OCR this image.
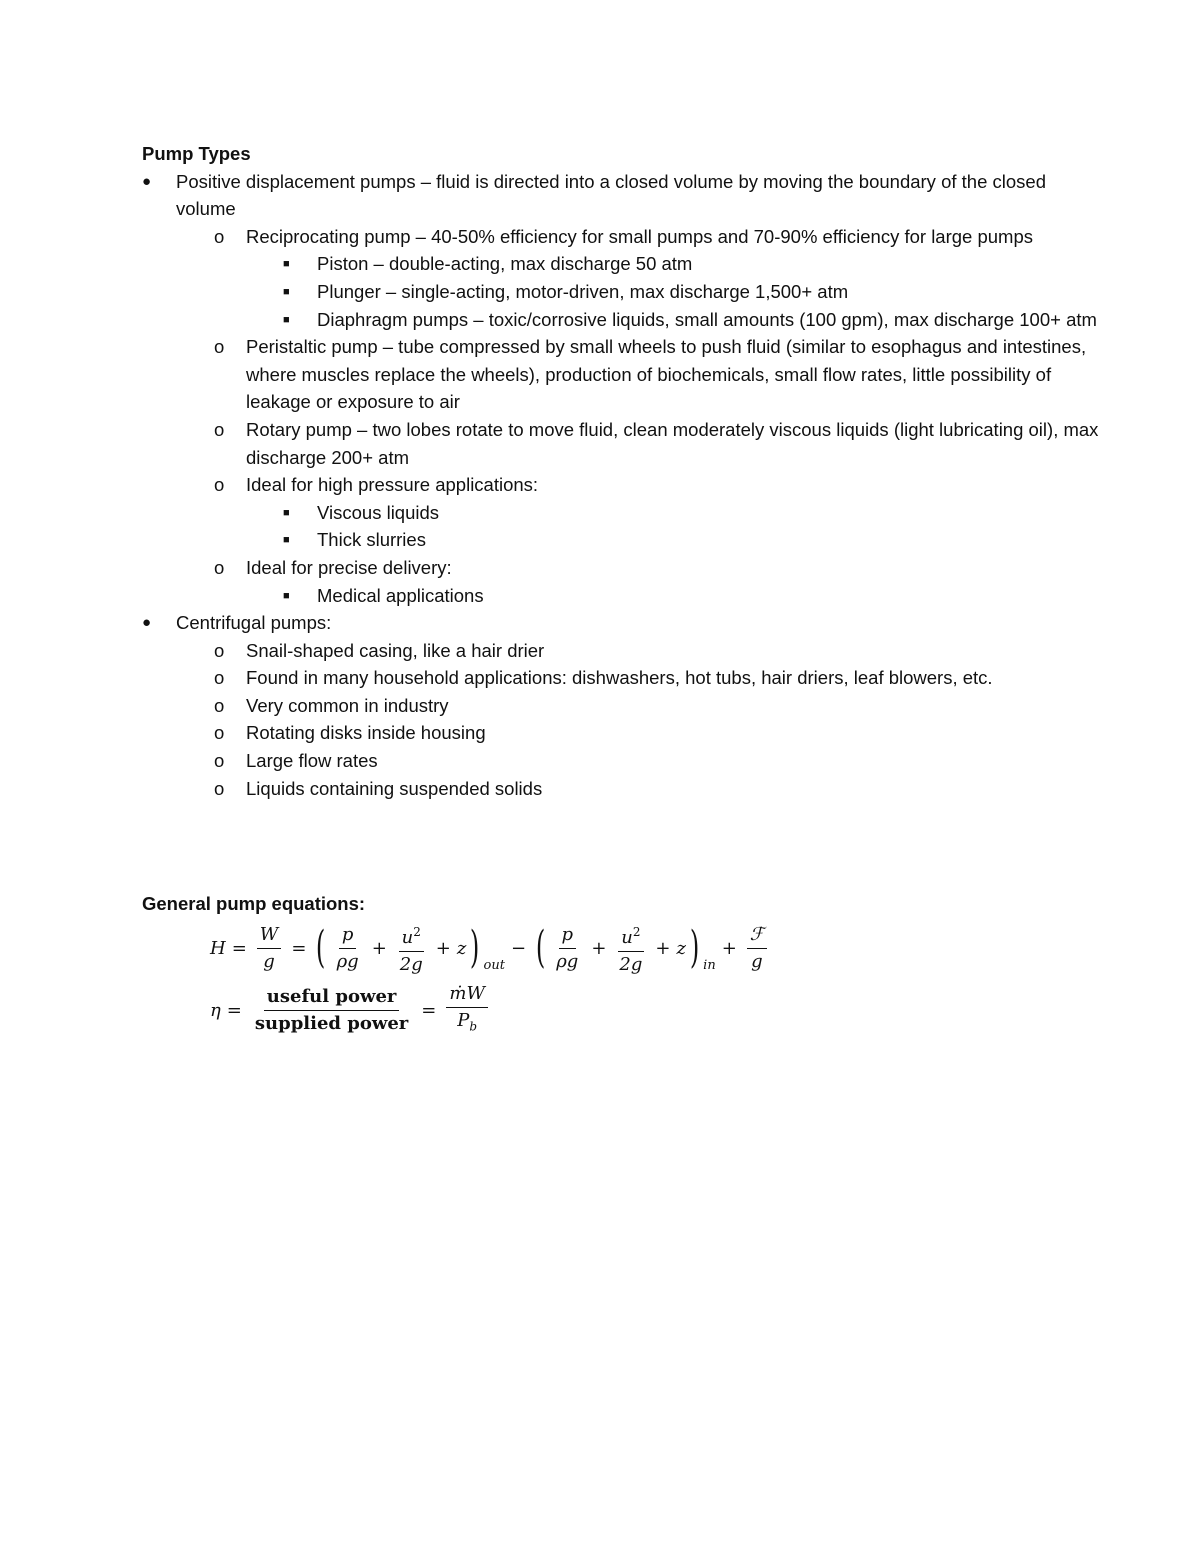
Pump Types
● Positive displacement pumps – fluid is directed into a closed volume by moving the boundary of the closed volume
o Reciprocating pump – 40-50% efficiency for small pumps and 70-90% efficiency for large pumps
■ Piston – double-acting, max discharge 50 atm
■ Plunger – single-acting, motor-driven, max discharge 1,500+ atm
■ Diaphragm pumps – toxic/corrosive liquids, small amounts (100 gpm), max discharge 100+ atm
o Peristaltic pump – tube compressed by small wheels to push fluid (similar to esophagus and intestines, where muscles replace the wheels), production of biochemicals, small flow rates, little possibility of leakage or exposure to air
o Rotary pump – two lobes rotate to move fluid, clean moderately viscous liquids (light lubricating oil), max discharge 200+ atm
o Ideal for high pressure applications:
■ Viscous liquids
■ Thick slurries
o Ideal for precise delivery:
■ Medical applications
● Centrifugal pumps:
o Snail-shaped casing, like a hair drier
o Found in many household applications: dishwashers, hot tubs, hair driers, leaf blowers, etc.
o Very common in industry
o Rotating disks inside housing
o Large flow rates
o Liquids containing suspended solids
General pump equations:
$H = \frac{W}{g}$ = ( $\frac{p}{\rho g} + \frac{u^2}{2g} + z$ ) out
− ( $\frac{p}{\rho g} + \frac{u^2}{2g} + z$ ) in
+ $\frac{\text{ℱ}}{g}$
$\eta = \frac{\text{useful power}}{\text{supplied power}} = \frac{\text{ṁW}}{P_b}$
